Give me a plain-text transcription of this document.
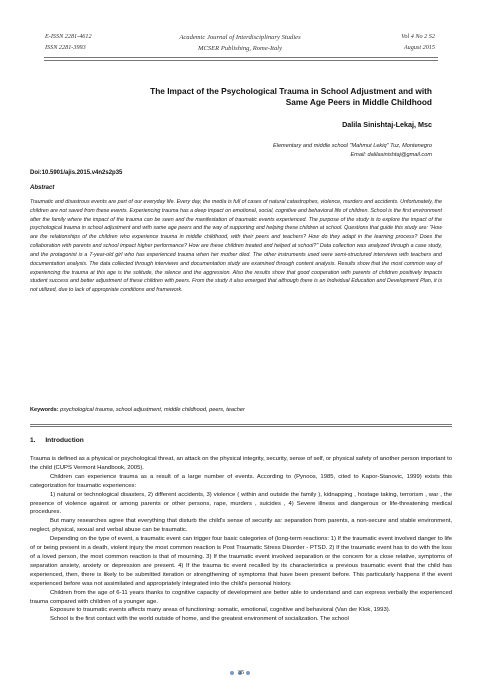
E-ISSN 2281-4612
ISSN 2281-3993
Academic Journal of Interdisciplinary Studies
MCSER Publishing, Rome-Italy
Vol 4 No 2 S2
August 2015
The Impact of the Psychological Trauma in School Adjustment and with
Same Age Peers in Middle Childhood
Dalila Sinishtaj-Lekaj, Msc
Elementary and middle school "Mahmut Lekiq" Tuz, Montenegro
Email: dalilasinishtaj@gmail.com
Doi:10.5901/ajis.2015.v4n2s2p35
Abstract
Traumatic and disastrous events are part of our everyday life. Every day, the media is full of cases of natural catastrophes, violence, murders and accidents. Unfortunately, the children are not saved from these events. Experiencing trauma has a deep impact on emotional, social, cognitive and behavioral life of children. School is the first environment after the family where the impact of the trauma can be seen and the manifestation of traumatic events experienced. The purpose of the study is to explore the impact of the psychological trauma in school adjustment and with same age peers and the way of supporting and helping these children at school. Questions that guide this study are: "How are the relationships of the children who experience trauma in middle childhood, with their peers and teachers? How do they adapt in the learning process? Does the collaboration with parents and school impact higher performance? How are these children treated and helped at school?" Data collection was analyzed through a case study, and the protagonist is a 7-year-old girl who has experienced trauma when her mother died. The other instruments used were semi-structured interviews with teachers and documentation analysis. The data collected through interviews and documentation study are examined through content analysis. Results show that the most common way of experiencing the trauma at this age is the solitude, the silence and the aggression. Also the results show that good cooperation with parents of children positively impacts student success and better adjustment of these children with peers. From the study it also emerged that although there is an Individual Education and Development Plan, it is not utilized, due to lack of appropriate conditions and framework.
Keywords: psychological trauma, school adjustment, middle childhood, peers, teacher
1. Introduction

Trauma is defined as a physical or psychological threat, an attack on the physical integrity, security, sense of self, or physical safety of another person important to the child (CUPS Vermont Handbook, 2005).

Children can experience trauma as a result of a large number of events. According to (Pynoos, 1985, cited to Kapor-Stanovic, 1999) exists this categorization for traumatic experiences:

1) natural or technological disasters, 2) different accidents, 3) violence ( within and outside the family ), kidnapping , hostage taking, terrorism , war , the presence of violence against or among parents or other persons, rape, murders , suicides , 4) Severe illness and dangerous or life-threatening medical procedures.

But many researches agree that everything that disturb the child's sense of security as: separation from parents, a non-secure and stable environment, neglect, physical, sexual and verbal abuse can be traumatic.

Depending on the type of event, a traumatic event can trigger four basic categories of (long-term reactions: 1) If the traumatic event involved danger to life of or being present in a death, violent injury the most common reaction is Post Traumatic Stress Disorder - PTSD. 2) If the traumatic event has to do with the loss of a loved person, the most common reaction is that of mourning. 3) If the traumatic event involved separation or the concern for a close relative, symptoms of separation anxiety, anxiety or depression are present. 4) If the trauma tic event recalled by its characteristics a previous traumatic event that the child has experienced, then, there is likely to be submitted iteration or strengthening of symptoms that have been present before. This particularly happens if the event experienced before was not assimilated and appropriately integrated into the child's personal history.

Children from the age of 6-11 years thanks to cognitive capacity of development are better able to understand and can express verbally the experienced trauma compared with children of a younger age.

Exposure to traumatic events affects many areas of functioning: somatic, emotional, cognitive and behavioral (Van der Klok, 1993).

School is the first contact with the world outside of home, and the greatest environment of socialization. The school

35
